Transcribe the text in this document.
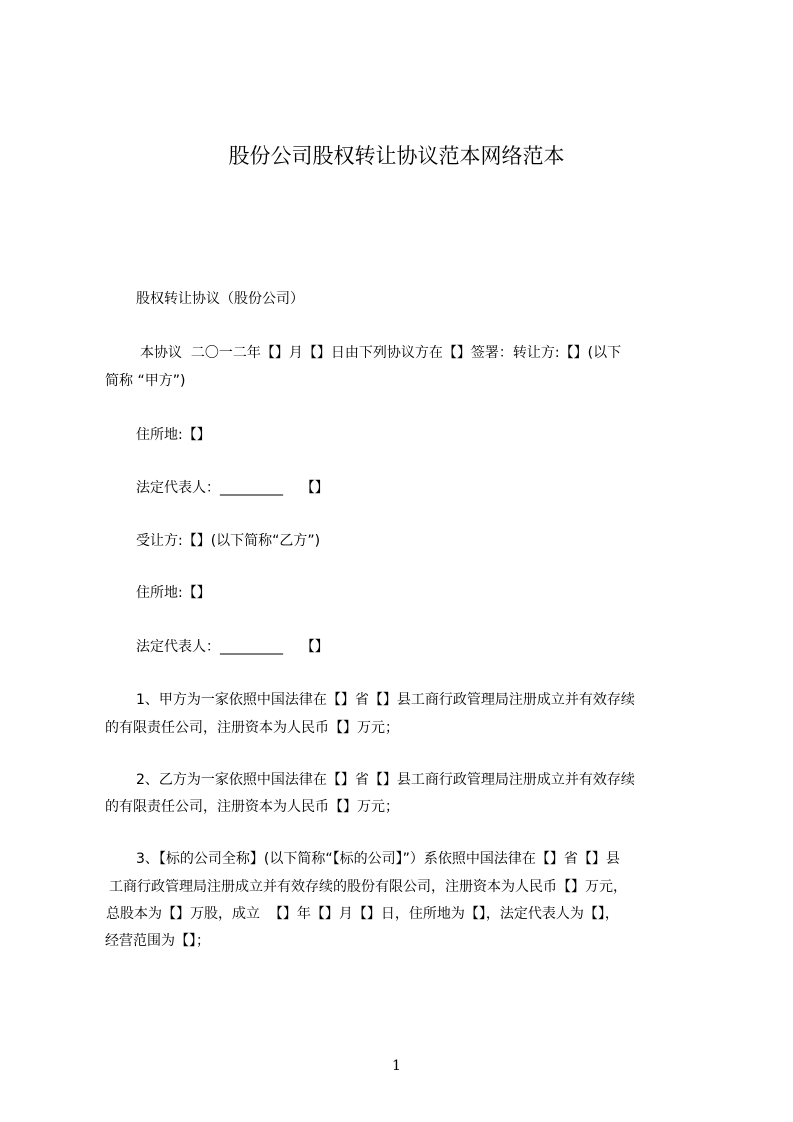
股份公司股权转让协议范本网络范本
股权转让协议（股份公司）
本协议  二〇一二年【】月【】日由下列协议方在【】签署：转让方:【】(以下
简称 “甲方”)
住所地:【】
法定代表人：_________    【】
受让方:【】(以下简称“乙方”)
住所地:【】
法定代表人：_________    【】
1、甲方为一家依照中国法律在【】省【】县工商行政管理局注册成立并有效存续
的有限责任公司，注册资本为人民币【】万元；
2、乙方为一家依照中国法律在【】省【】县工商行政管理局注册成立并有效存续
的有限责任公司，注册资本为人民币【】万元；
3、【标的公司全称】(以下简称“【标的公司】”）系依照中国法律在【】省【】县
工商行政管理局注册成立并有效存续的股份有限公司，注册资本为人民币【】万元，
总股本为【】万股，成立  【】年【】月【】日，住所地为【】，法定代表人为【】，
经营范围为【】；
1
